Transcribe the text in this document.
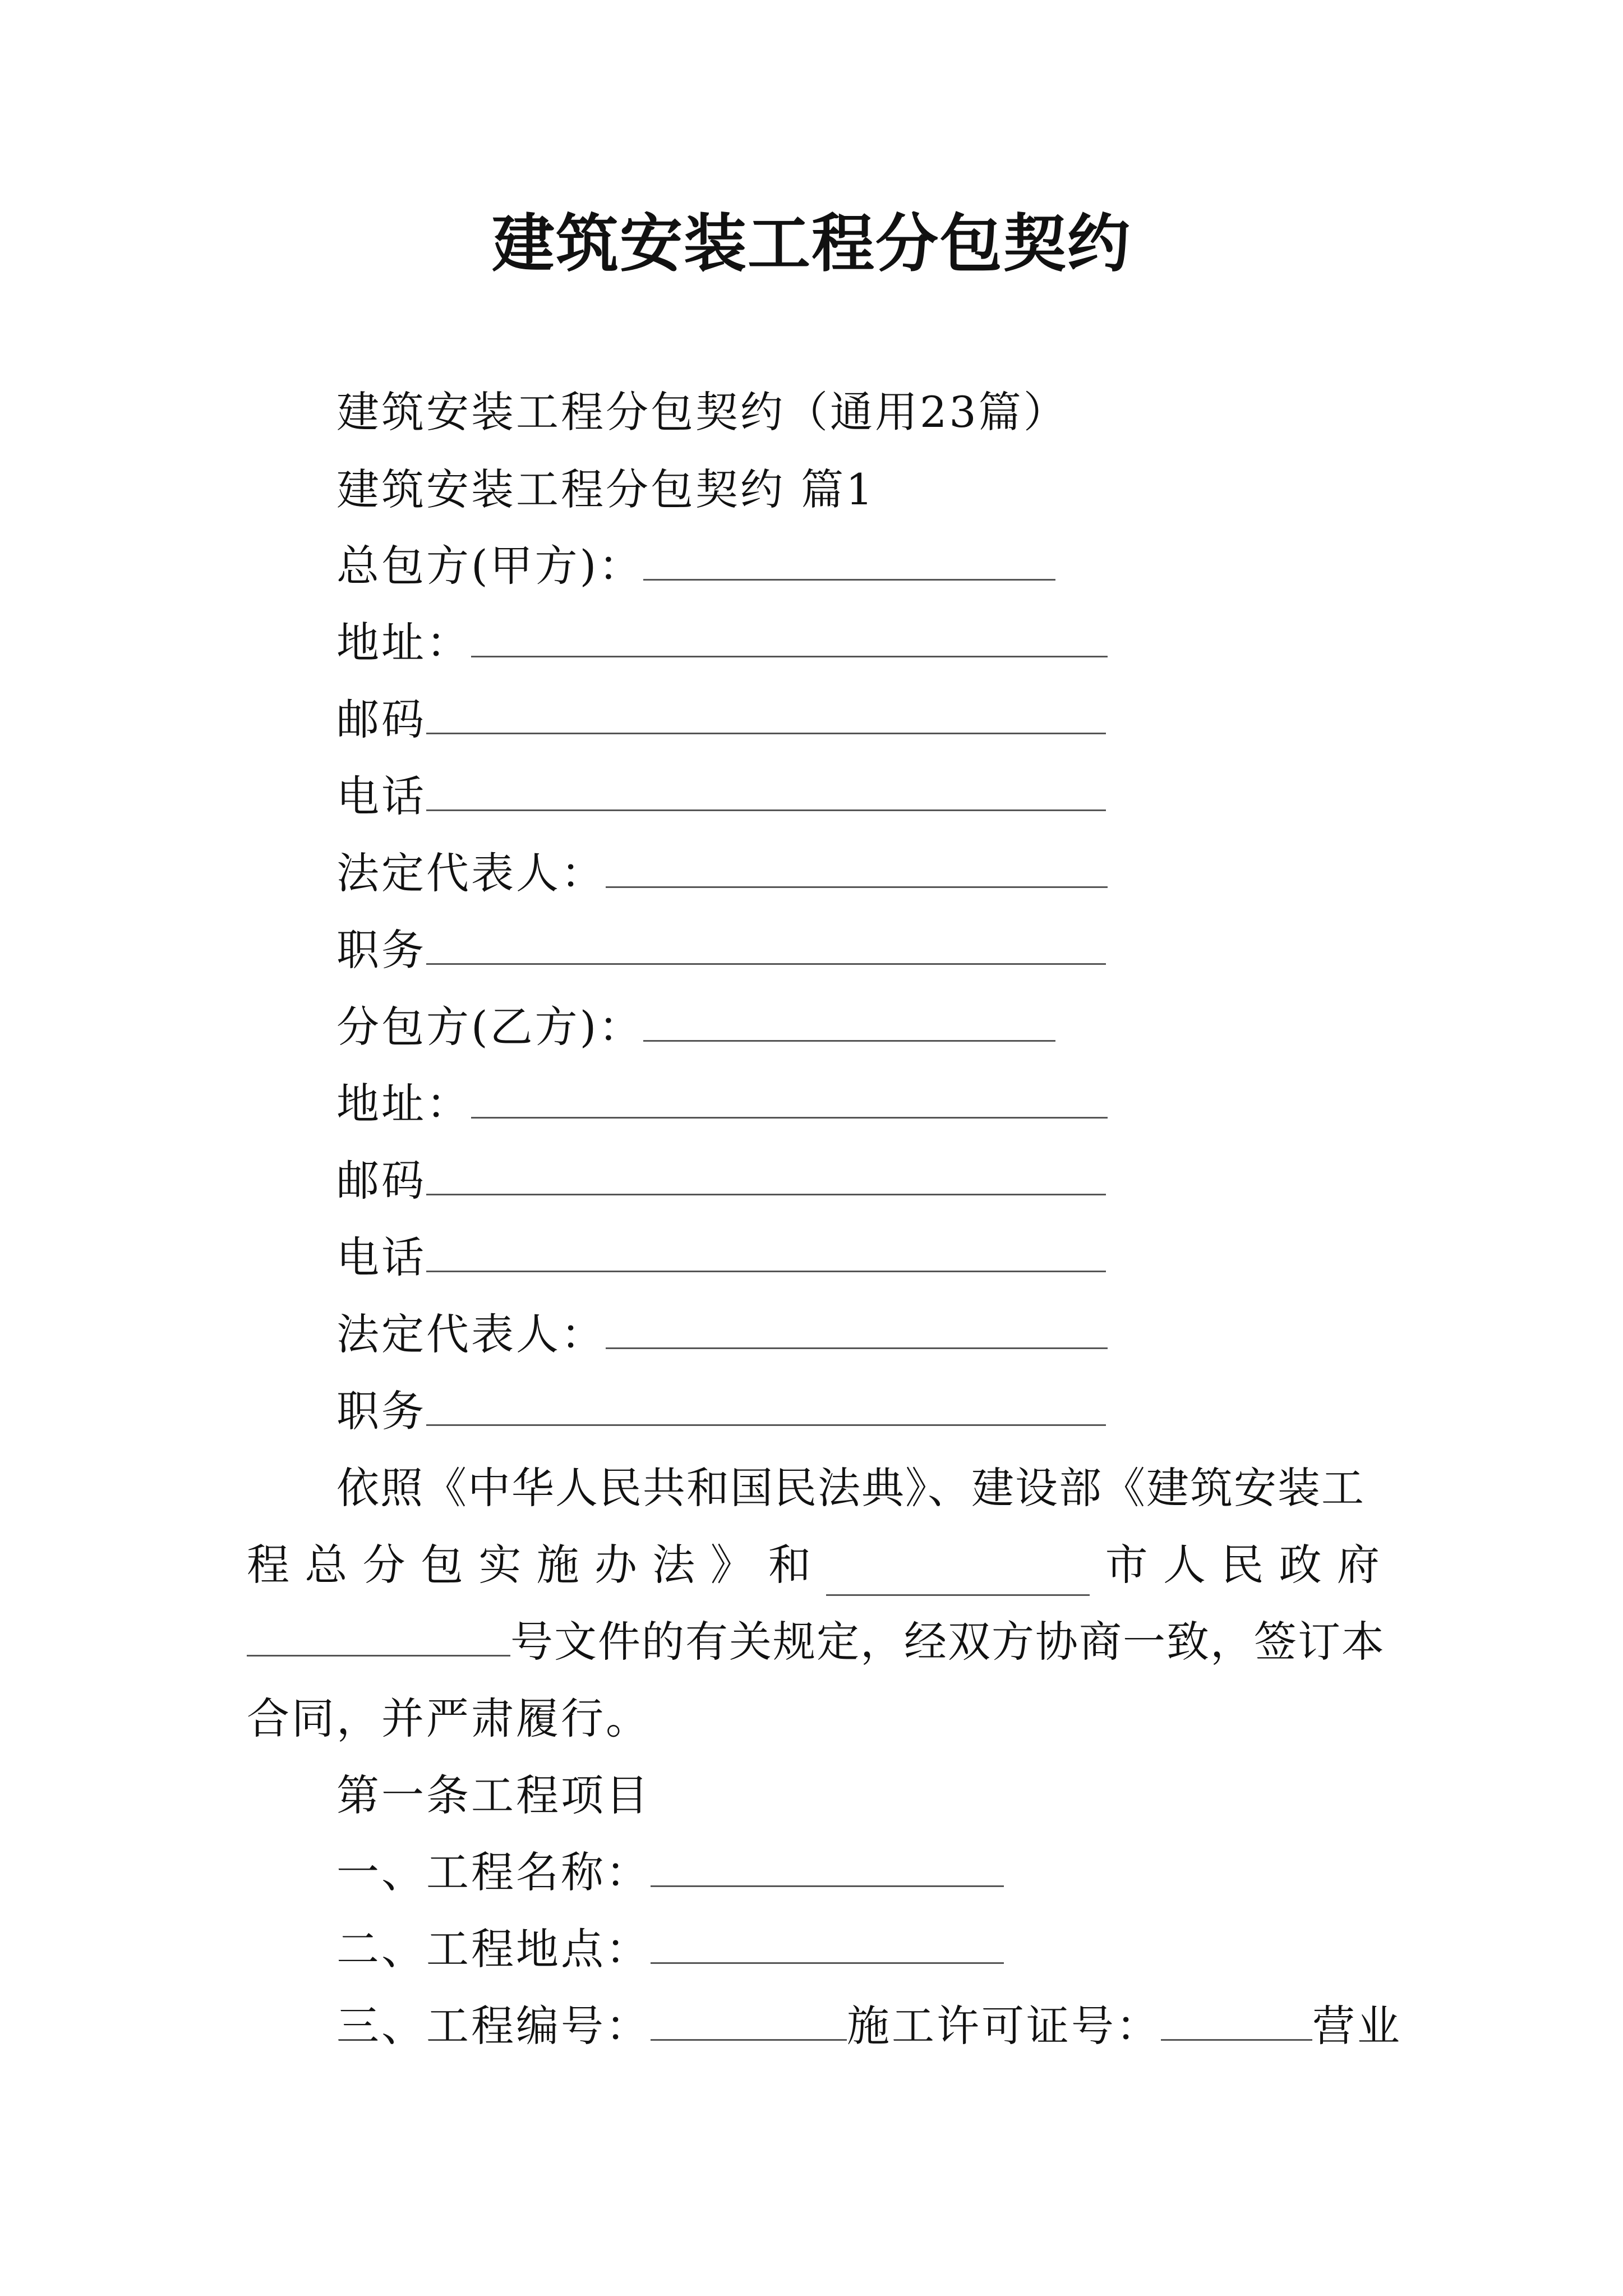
建筑安装工程分包契约
建筑安装工程分包契约（通用23篇）
建筑安装工程分包契约 篇1
总包方(甲方)：
地址：
邮码
电话
法定代表人：
职务
分包方(乙方)：
地址：
邮码
电话
法定代表人：
职务
依照《中华人民共和国民法典》、建设部《建筑安装工
程 总 分 包 实 施 办 法 》 和	市 人 民 政 府
号文件的有关规定，经双方协商一致，签订本
合同，并严肃履行。
第一条工程项目
一、工程名称：
二、工程地点：
三、工程编号：	施工许可证号：	营业
